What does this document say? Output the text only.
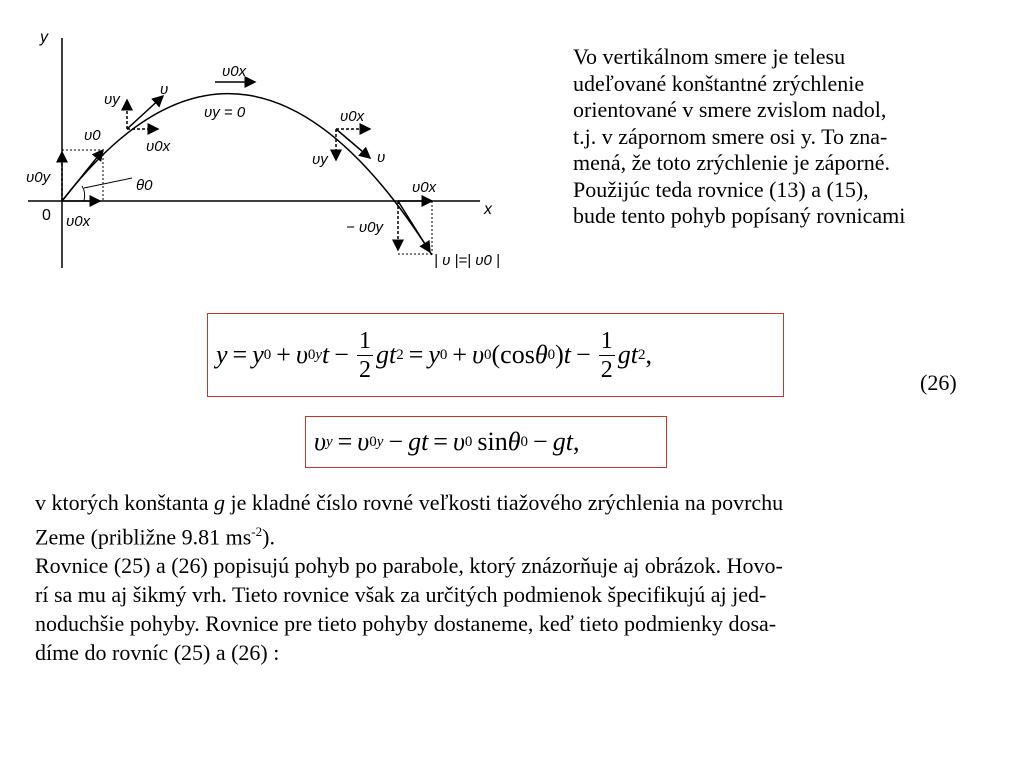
y
x
0
υ0y
υ0x
υ0
θ0
υy
υ
υ0x
υ0x
υy = 0	υ0x
υy	υ
υ0x
− υ0y
| υ |=| υ0 |
Vo vertikálnom smere je telesu
udeľované konštantné zrýchlenie
orientované v smere zvislom nadol,
t.j. v zápornom smere osi y. To zna-
mená, že toto zrýchlenie je záporné.
Použijúc teda rovnice (13) a (15),
bude tento pohyb popísaný rovnicami
y = y 0 + υ 0y $t - \frac{1}{2}$ gt 2 = y 0 + υ 0 (cos θ 0 ) $t - \frac{1}{2}$ gt 2 ,
(26)
υ y = υ 0y − gt = υ 0 sin θ 0 − gt ,
v ktorých konštanta g je kladné číslo rovné veľkosti tiažového zrýchlenia na povrchu
Zeme (približne 9.81 $ms^{-2}$).
Rovnice (25) a (26) popisujú pohyb po parabole, ktorý znázorňuje aj obrázok. Hovo-
rí sa mu aj šikmý vrh. Tieto rovnice však za určitých podmienok špecifikujú aj jed-
noduchšie pohyby. Rovnice pre tieto pohyby dostaneme, keď tieto podmienky dosa-
díme do rovníc (25) a (26) :
